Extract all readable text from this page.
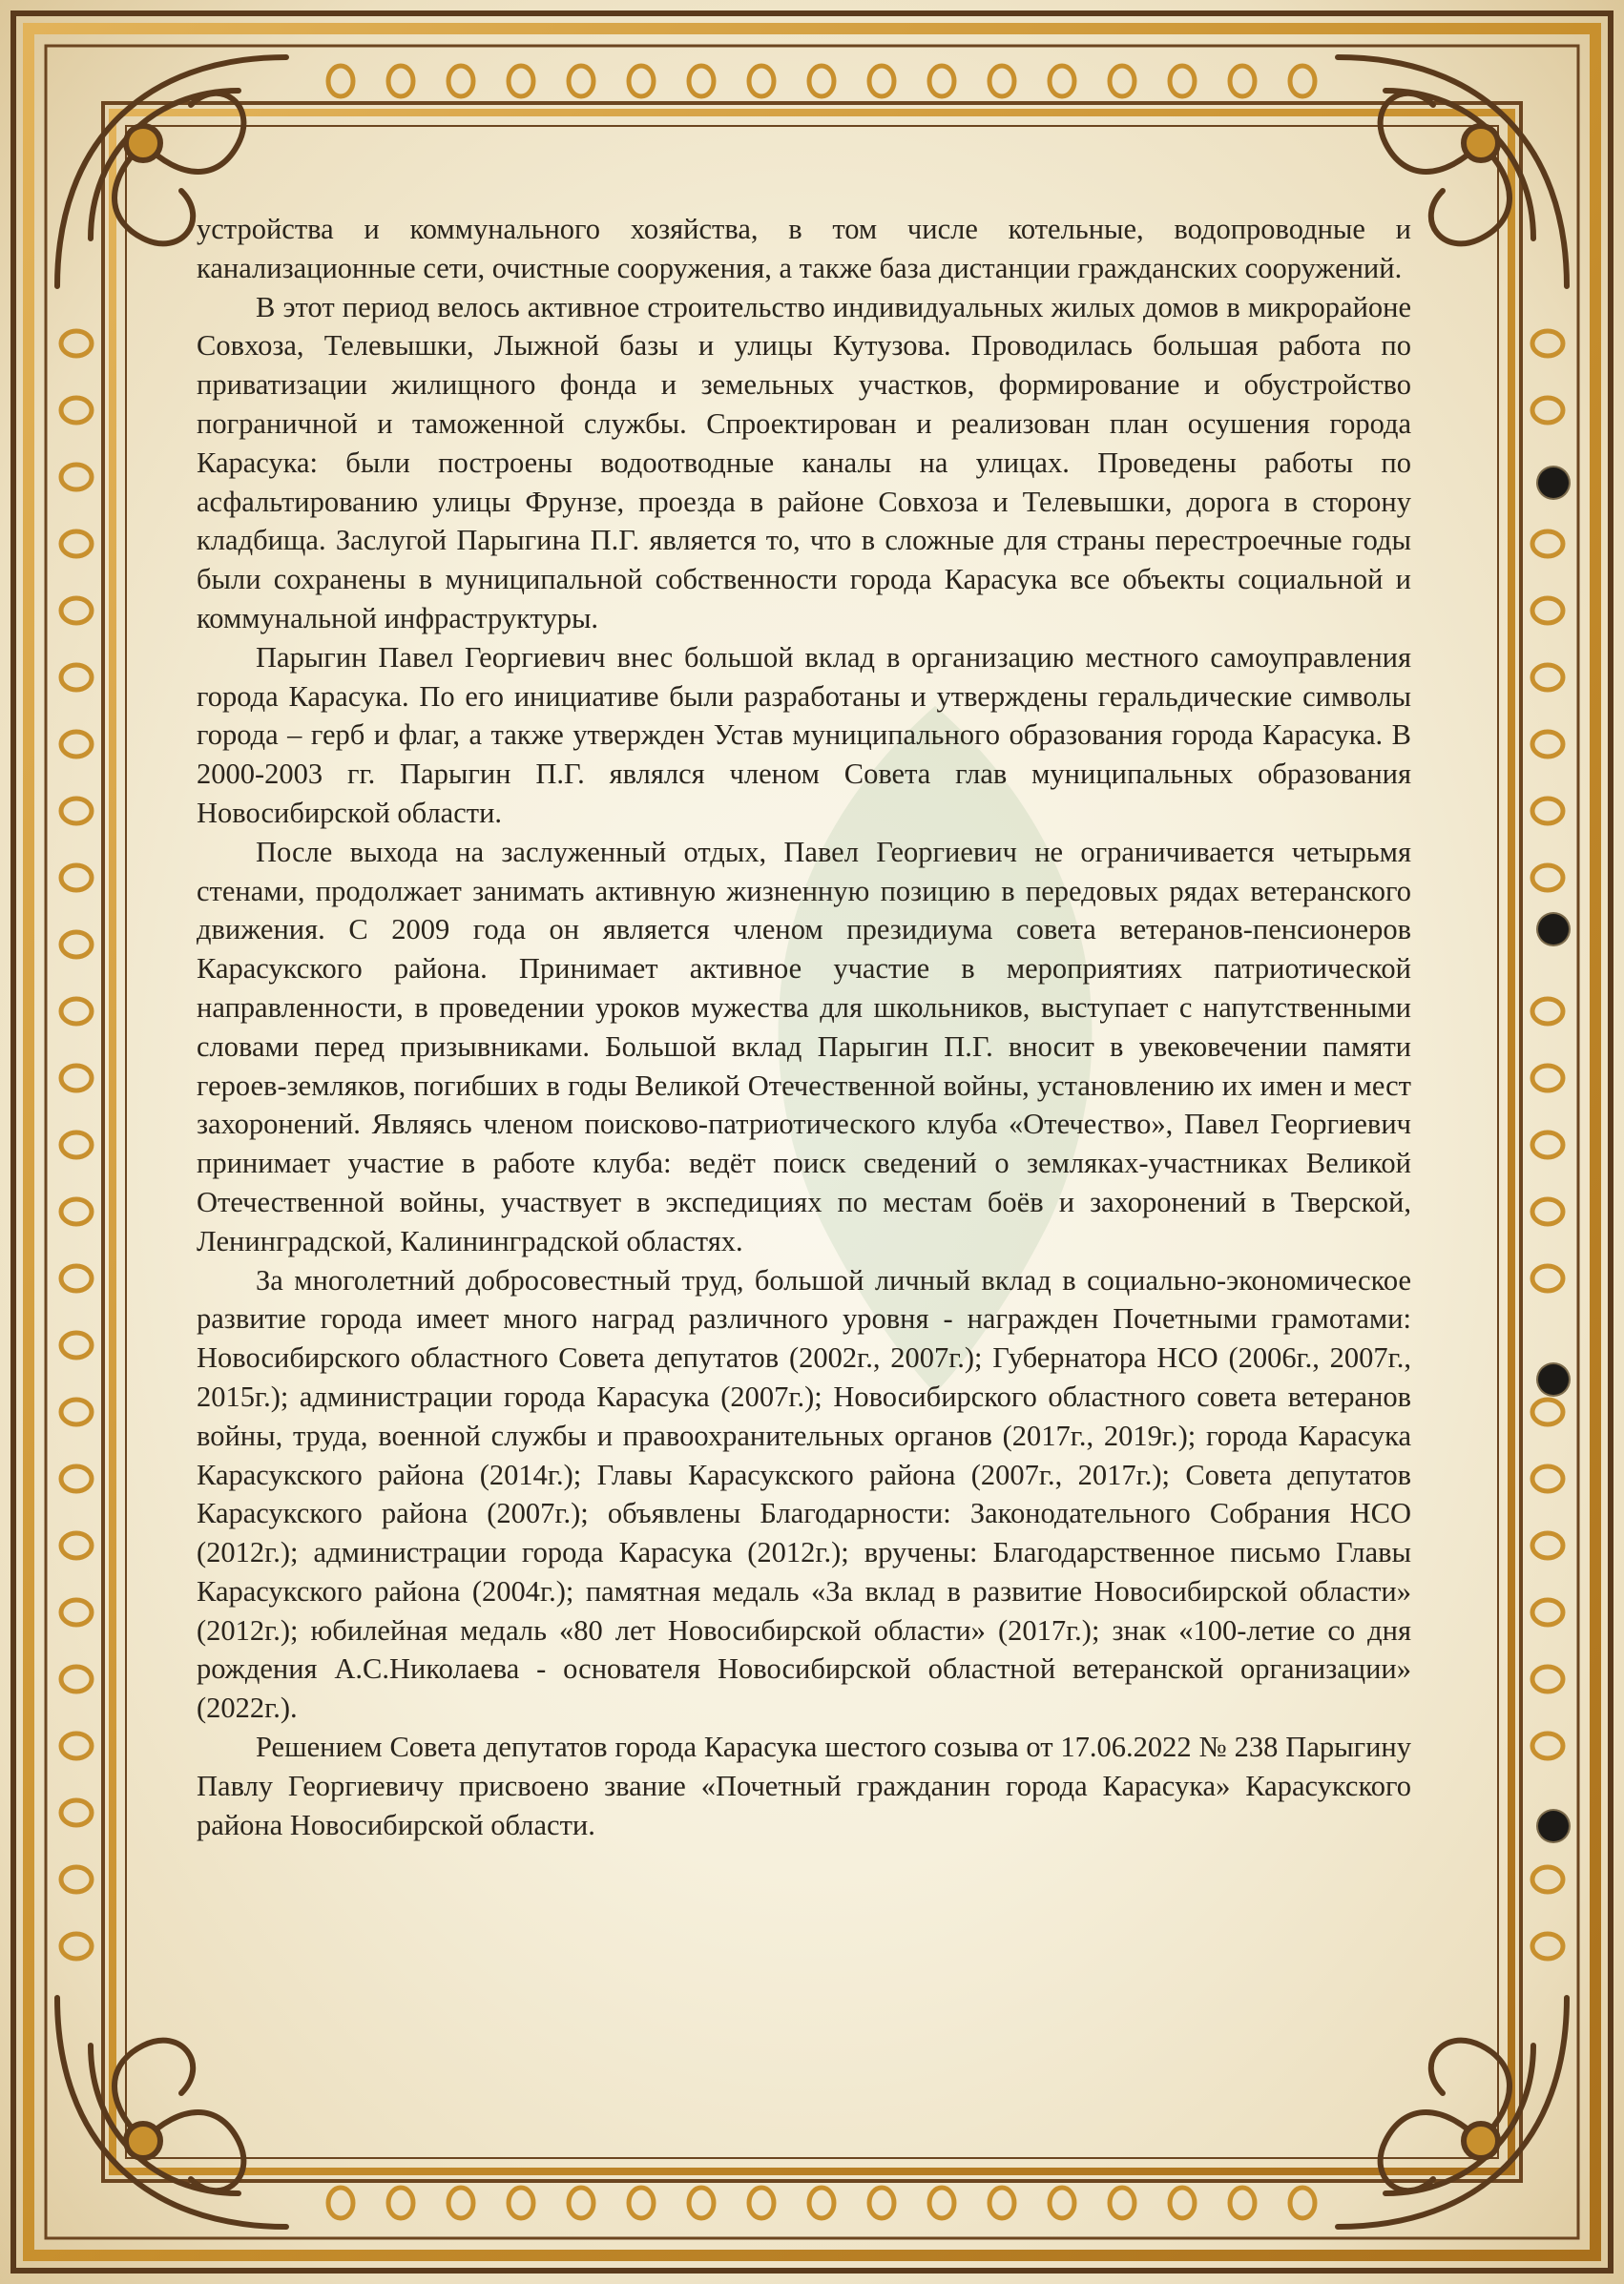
устройства и коммунального хозяйства, в том числе котельные, водопроводные и канализационные сети, очистные сооружения, а также база дистанции гражданских сооружений.

В этот период велось активное строительство индивидуальных жилых домов в микрорайоне Совхоза, Телевышки, Лыжной базы и улицы Кутузова. Проводилась большая работа по приватизации жилищного фонда и земельных участков, формирование и обустройство пограничной и таможенной службы. Спроектирован и реализован план осушения города Карасука: были построены водоотводные каналы на улицах. Проведены работы по асфальтированию улицы Фрунзе, проезда в районе Совхоза и Телевышки, дорога в сторону кладбища. Заслугой Парыгина П.Г. является то, что в сложные для страны перестроечные годы были сохранены в муниципальной собственности города Карасука все объекты социальной и коммунальной инфраструктуры.

Парыгин Павел Георгиевич внес большой вклад в организацию местного самоуправления города Карасука. По его инициативе были разработаны и утверждены геральдические символы города – герб и флаг, а также утвержден Устав муниципального образования города Карасука. В 2000-2003 гг. Парыгин П.Г. являлся членом Совета глав муниципальных образования Новосибирской области.

После выхода на заслуженный отдых, Павел Георгиевич не ограничивается четырьмя стенами, продолжает занимать активную жизненную позицию в передовых рядах ветеранского движения. С 2009 года он является членом президиума совета ветеранов-пенсионеров Карасукского района. Принимает активное участие в мероприятиях патриотической направленности, в проведении уроков мужества для школьников, выступает с напутственными словами перед призывниками. Большой вклад Парыгин П.Г. вносит в увековечении памяти героев-земляков, погибших в годы Великой Отечественной войны, установлению их имен и мест захоронений. Являясь членом поисково-патриотического клуба «Отечество», Павел Георгиевич принимает участие в работе клуба: ведёт поиск сведений о земляках-участниках Великой Отечественной войны, участвует в экспедициях по местам боёв и захоронений в Тверской, Ленинградской, Калининградской областях.

За многолетний добросовестный труд, большой личный вклад в социально-экономическое развитие города имеет много наград различного уровня - награжден Почетными грамотами: Новосибирского областного Совета депутатов (2002г., 2007г.); Губернатора НСО (2006г., 2007г., 2015г.); администрации города Карасука (2007г.); Новосибирского областного совета ветеранов войны, труда, военной службы и правоохранительных органов (2017г., 2019г.); города Карасука Карасукского района (2014г.); Главы Карасукского района (2007г., 2017г.); Совета депутатов Карасукского района (2007г.); объявлены Благодарности: Законодательного Собрания НСО (2012г.); администрации города Карасука (2012г.); вручены: Благодарственное письмо Главы Карасукского района (2004г.); памятная медаль «За вклад в развитие Новосибирской области» (2012г.); юбилейная медаль «80 лет Новосибирской области» (2017г.); знак «100-летие со дня рождения А.С.Николаева - основателя Новосибирской областной ветеранской организации» (2022г.).

Решением Совета депутатов города Карасука шестого созыва от 17.06.2022 № 238 Парыгину Павлу Георгиевичу присвоено звание «Почетный гражданин города Карасука» Карасукского района Новосибирской области.
